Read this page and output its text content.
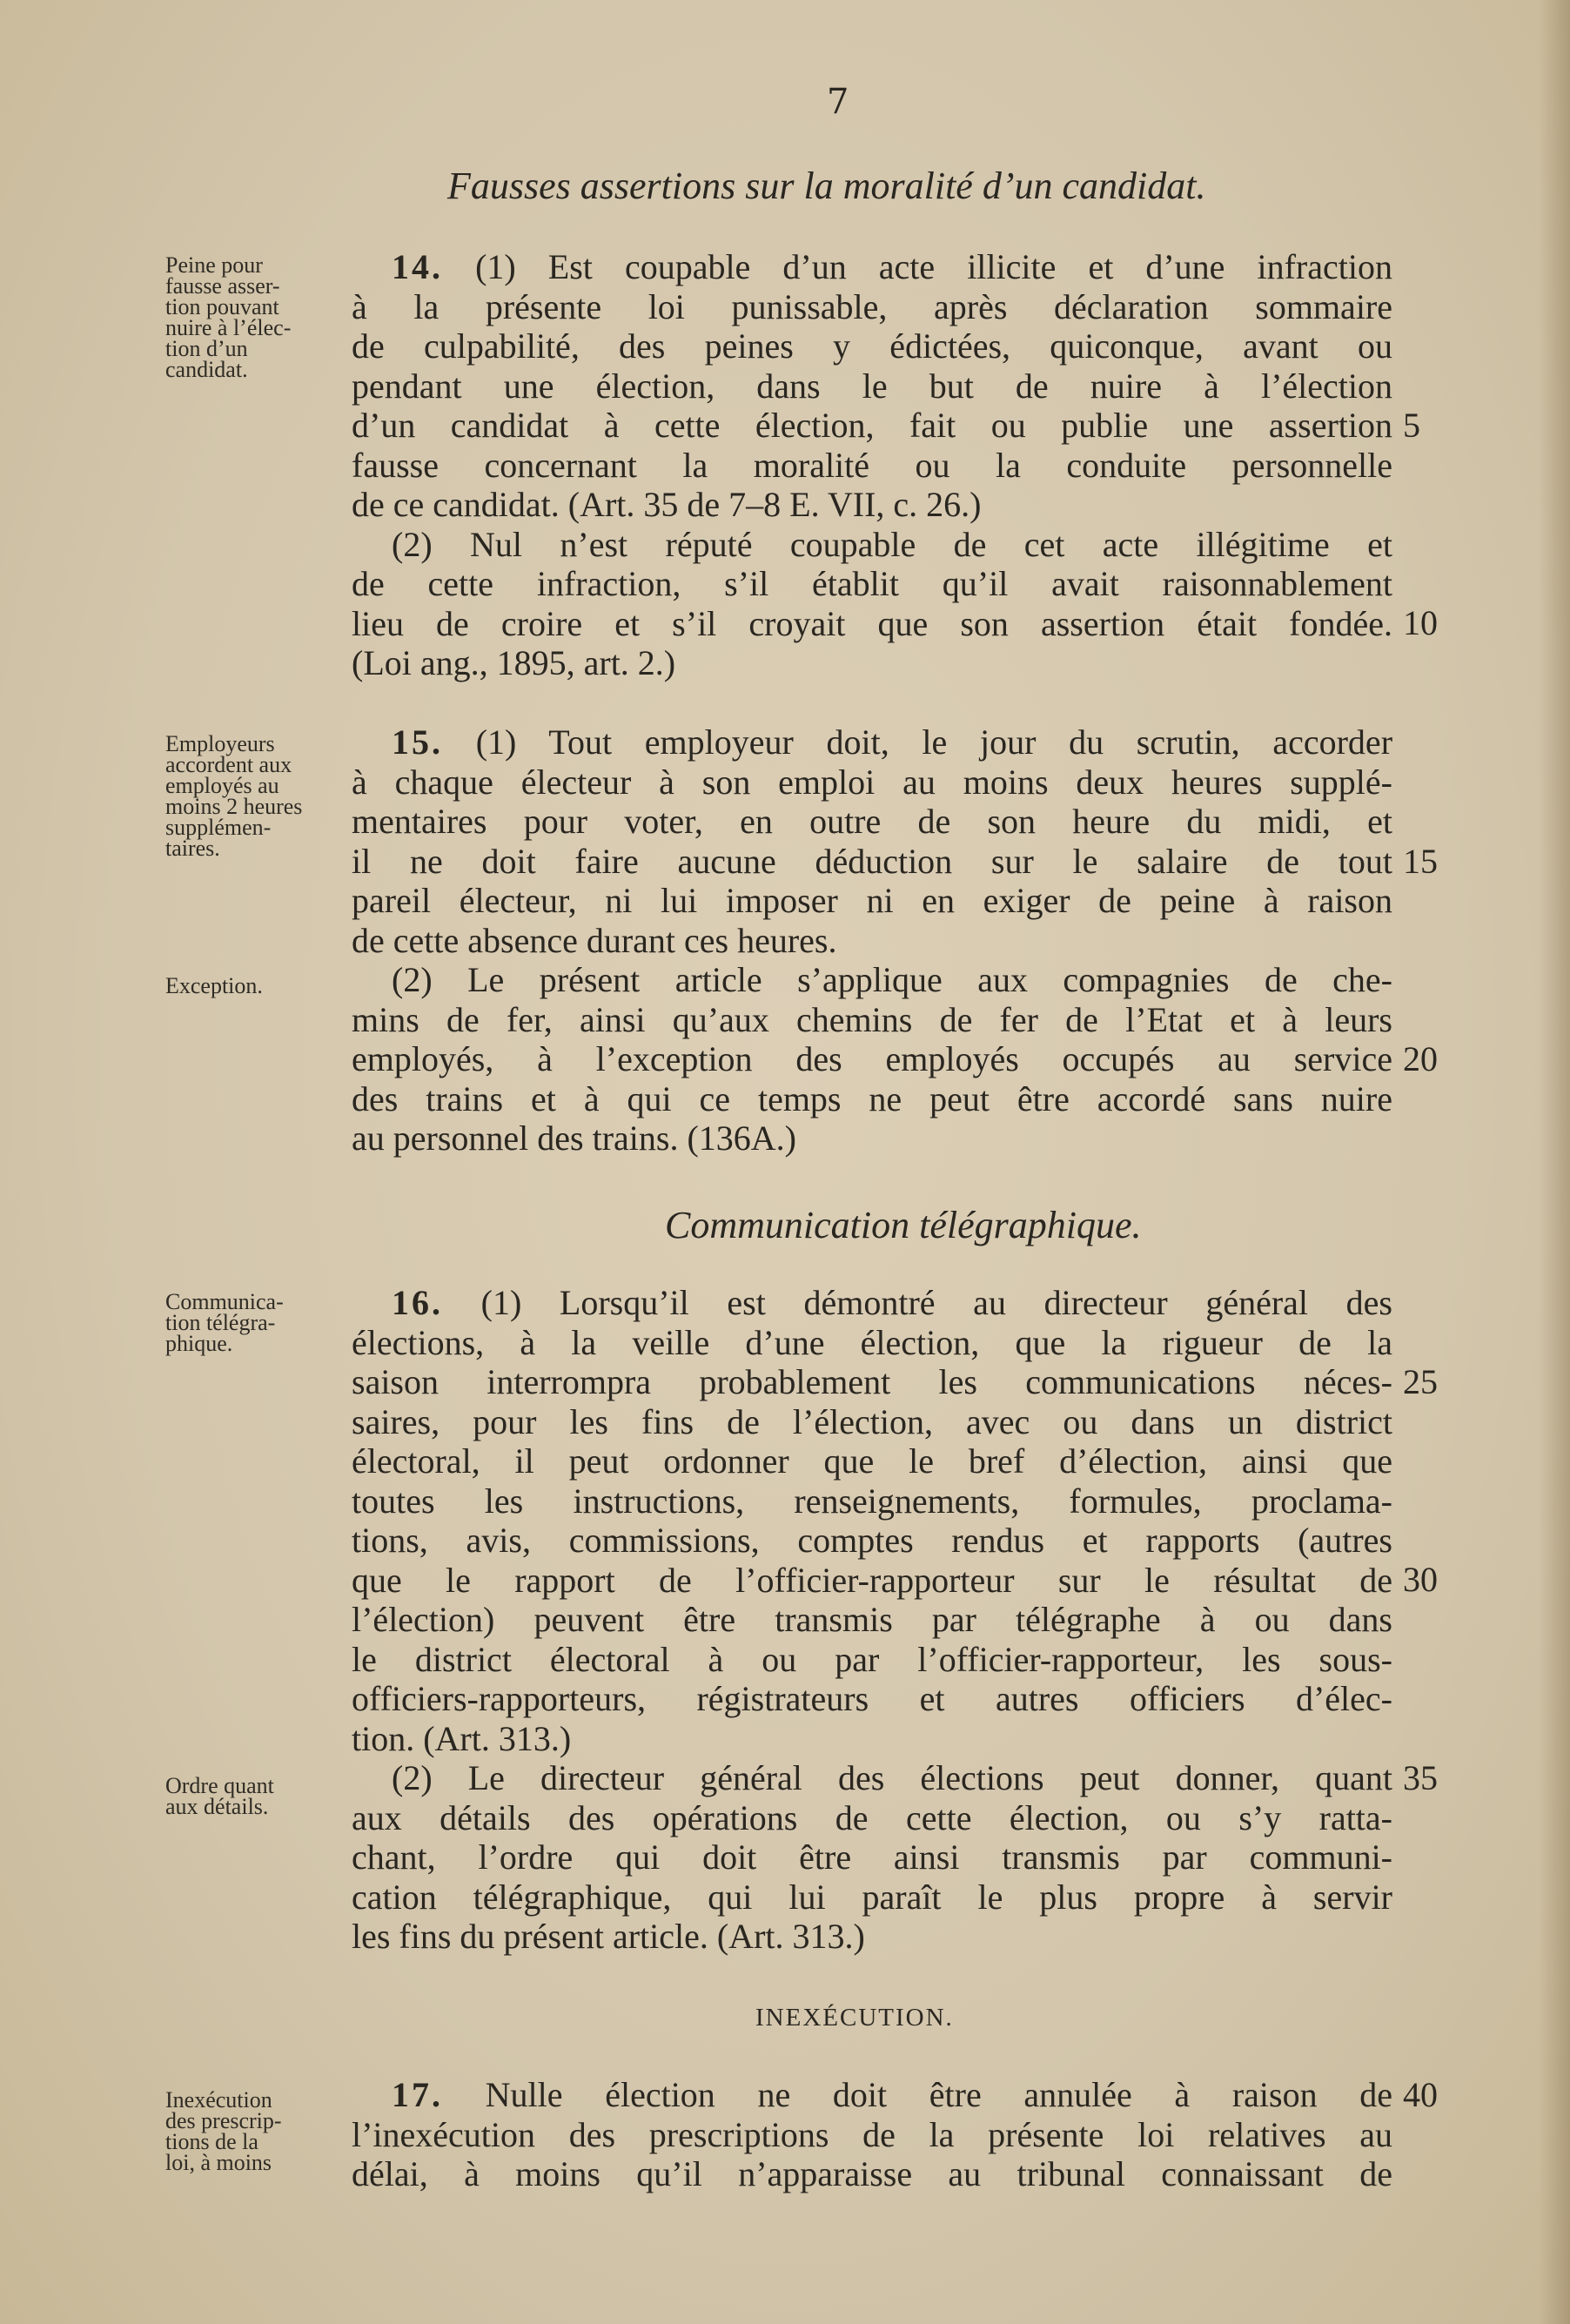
7
Fausses assertions sur la moralité d’un candidat.
Peine pour
fausse asser-
tion pouvant
nuire à l’élec-
tion d’un
candidat.
14. (1) Est coupable d’un acte illicite et d’une infraction
à la présente loi punissable, après déclaration sommaire
de culpabilité, des peines y édictées, quiconque, avant ou
pendant une élection, dans le but de nuire à l’élection
d’un candidat à cette élection, fait ou publie une assertion
fausse concernant la moralité ou la conduite personnelle
de ce candidat. (Art. 35 de 7–8 E. VII, c. 26.)
(2) Nul n’est réputé coupable de cet acte illégitime et
de cette infraction, s’il établit qu’il avait raisonnablement
lieu de croire et s’il croyait que son assertion était fondée.
(Loi ang., 1895, art. 2.)
Employeurs
accordent aux
employés au
moins 2 heures
supplémen-
taires.
Exception.
15. (1) Tout employeur doit, le jour du scrutin, accorder
à chaque électeur à son emploi au moins deux heures supplé-
mentaires pour voter, en outre de son heure du midi, et
il ne doit faire aucune déduction sur le salaire de tout
pareil électeur, ni lui imposer ni en exiger de peine à raison
de cette absence durant ces heures.
(2) Le présent article s’applique aux compagnies de che-
mins de fer, ainsi qu’aux chemins de fer de l’Etat et à leurs
employés, à l’exception des employés occupés au service
des trains et à qui ce temps ne peut être accordé sans nuire
au personnel des trains. (136A.)
Communication télégraphique.
Communica-
tion télégra-
phique.
Ordre quant
aux détails.
16. (1) Lorsqu’il est démontré au directeur général des
élections, à la veille d’une élection, que la rigueur de la
saison interrompra probablement les communications néces-
saires, pour les fins de l’élection, avec ou dans un district
électoral, il peut ordonner que le bref d’élection, ainsi que
toutes les instructions, renseignements, formules, proclama-
tions, avis, commissions, comptes rendus et rapports (autres
que le rapport de l’officier-rapporteur sur le résultat de
l’élection) peuvent être transmis par télégraphe à ou dans
le district électoral à ou par l’officier-rapporteur, les sous-
officiers-rapporteurs, régistrateurs et autres officiers d’élec-
tion. (Art. 313.)
(2) Le directeur général des élections peut donner, quant
aux détails des opérations de cette élection, ou s’y ratta-
chant, l’ordre qui doit être ainsi transmis par communi-
cation télégraphique, qui lui paraît le plus propre à servir
les fins du présent article. (Art. 313.)
INEXÉCUTION.
Inexécution
des prescrip-
tions de la
loi, à moins
17. Nulle élection ne doit être annulée à raison de
l’inexécution des prescriptions de la présente loi relatives au
délai, à moins qu’il n’apparaisse au tribunal connaissant de
5
10
15
20
25
30
35
40
